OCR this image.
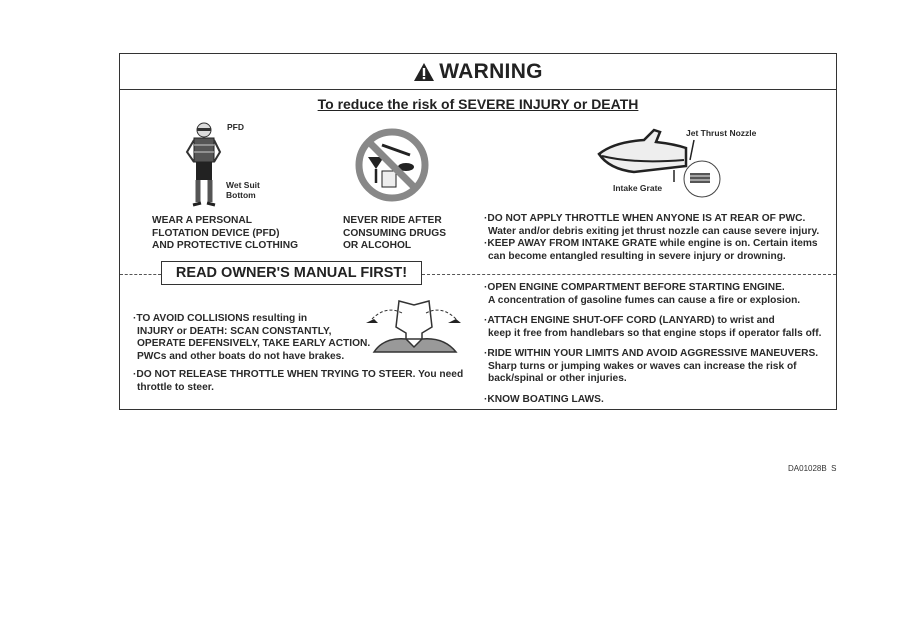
WARNING
To reduce the risk of SEVERE INJURY or DEATH
PFD
Wet Suit
Bottom
WEAR A PERSONAL
FLOTATION DEVICE (PFD)
AND PROTECTIVE CLOTHING
NEVER RIDE AFTER
CONSUMING DRUGS
OR ALCOHOL
Jet Thrust Nozzle
Intake Grate
·DO NOT APPLY THROTTLE WHEN ANYONE IS AT REAR OF PWC.
Water and/or debris exiting jet thrust nozzle can cause severe injury.
·KEEP AWAY FROM INTAKE GRATE while engine is on. Certain items
can become entangled resulting in severe injury or drowning.
READ OWNER'S MANUAL FIRST!
·TO AVOID COLLISIONS resulting in
INJURY or DEATH: SCAN CONSTANTLY,
OPERATE DEFENSIVELY, TAKE EARLY ACTION.
PWCs and other boats do not have brakes.
·DO NOT RELEASE THROTTLE WHEN TRYING TO STEER. You need
throttle to steer.
·OPEN ENGINE COMPARTMENT BEFORE STARTING ENGINE.
A concentration of gasoline fumes can cause a fire or explosion.
·ATTACH ENGINE SHUT-OFF CORD (LANYARD) to wrist and
keep it free from handlebars so that engine stops if operator falls off.
·RIDE WITHIN YOUR LIMITS AND AVOID AGGRESSIVE MANEUVERS.
Sharp turns or jumping wakes or waves can increase the risk of
back/spinal or other injuries.
·KNOW BOATING LAWS.
DA01028B  S
